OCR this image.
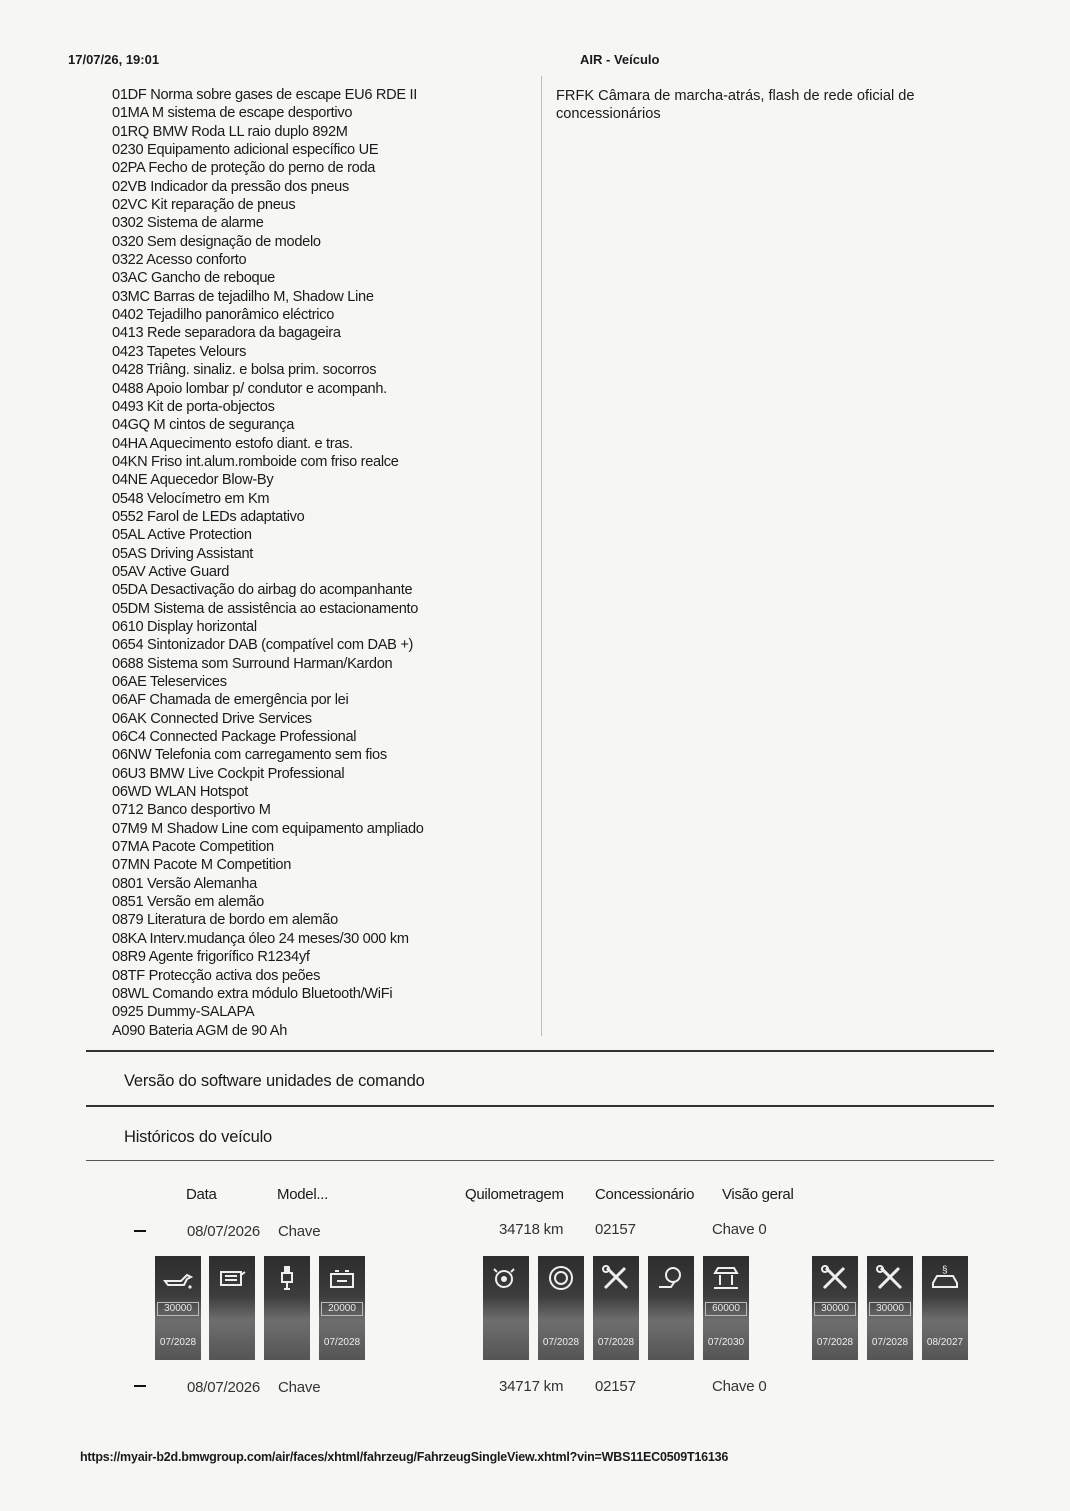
17/07/26, 19:01	AIR - Veículo
01DF Norma sobre gases de escape EU6 RDE II
01MA M sistema de escape desportivo
01RQ BMW Roda LL raio duplo 892M
0230 Equipamento adicional específico UE
02PA Fecho de proteção do perno de roda
02VB Indicador da pressão dos pneus
02VC Kit reparação de pneus
0302 Sistema de alarme
0320 Sem designação de modelo
0322 Acesso conforto
03AC Gancho de reboque
03MC Barras de tejadilho M, Shadow Line
0402 Tejadilho panorâmico eléctrico
0413 Rede separadora da bagageira
0423 Tapetes Velours
0428 Triâng. sinaliz. e bolsa prim. socorros
0488 Apoio lombar p/ condutor e acompanh.
0493 Kit de porta-objectos
04GQ M cintos de segurança
04HA Aquecimento estofo diant. e tras.
04KN Friso int.alum.romboide com friso realce
04NE Aquecedor Blow-By
0548 Velocímetro em Km
0552 Farol de LEDs adaptativo
05AL Active Protection
05AS Driving Assistant
05AV Active Guard
05DA Desactivação do airbag do acompanhante
05DM Sistema de assistência ao estacionamento
0610 Display horizontal
0654 Sintonizador DAB (compatível com DAB +)
0688 Sistema som Surround Harman/Kardon
06AE Teleservices
06AF Chamada de emergência por lei
06AK Connected Drive Services
06C4 Connected Package Professional
06NW Telefonia com carregamento sem fios
06U3 BMW Live Cockpit Professional
06WD WLAN Hotspot
0712 Banco desportivo M
07M9 M Shadow Line com equipamento ampliado
07MA Pacote Competition
07MN Pacote M Competition
0801 Versão Alemanha
0851 Versão em alemão
0879 Literatura de bordo em alemão
08KA Interv.mudança óleo 24 meses/30 000 km
08R9 Agente frigorífico R1234yf
08TF Protecção activa dos peões
08WL Comando extra módulo Bluetooth/WiFi
0925 Dummy-SALAPA
A090 Bateria AGM de 90 Ah
FRFK Câmara de marcha-atrás, flash de rede oficial de
concessionários
Versão do software unidades de comando
Históricos do veículo
Data	Model...	Quilometragem Concessionário Visão geral
08/07/2026 Chave	34718 km 02157	Chave 0
30000
07/2028
20000
07/2028	07/2028	07/2028
60000
07/2030
30000
07/2028
30000
07/2028
§
08/2027
08/07/2026 Chave	34717 km 02157	Chave 0
https://myair-b2d.bmwgroup.com/air/faces/xhtml/fahrzeug/FahrzeugSingleView.xhtml?vin=WBS11EC0509T16136
